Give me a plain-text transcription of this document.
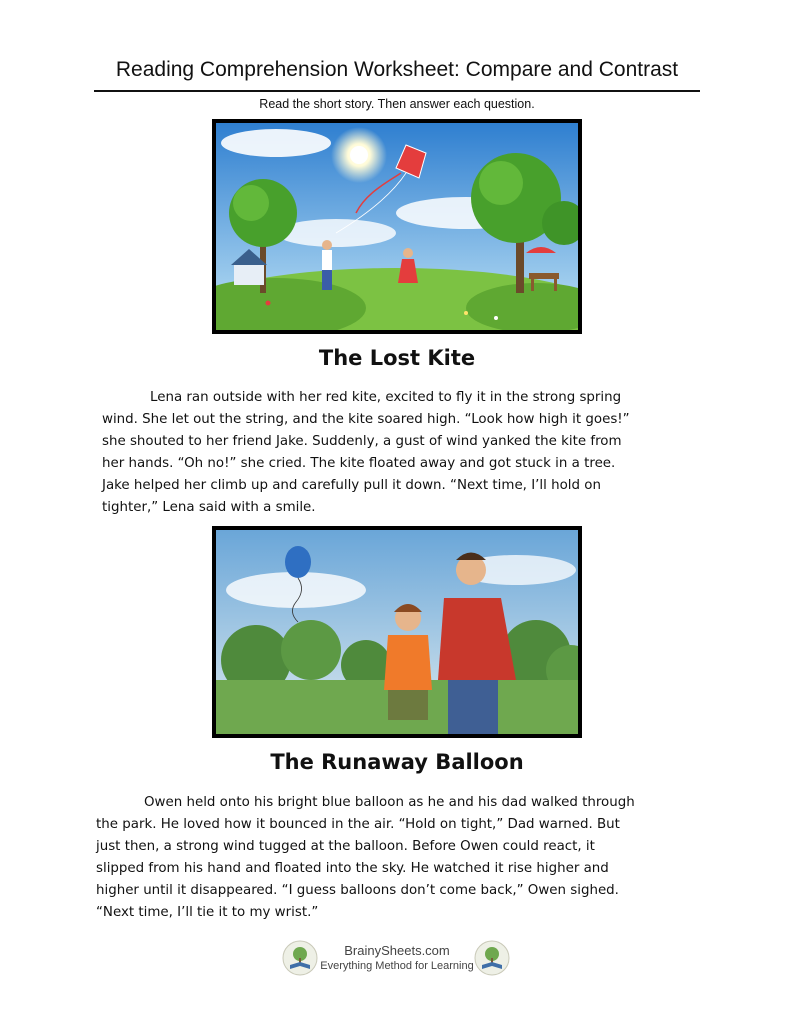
Reading Comprehension Worksheet: Compare and Contrast
Read the short story. Then answer each question.
The Lost Kite
Lena ran outside with her red kite, excited to fly it in the strong spring
wind. She let out the string, and the kite soared high. “Look how high it goes!”
she shouted to her friend Jake. Suddenly, a gust of wind yanked the kite from
her hands. “Oh no!” she cried. The kite floated away and got stuck in a tree.
Jake helped her climb up and carefully pull it down. “Next time, I’ll hold on
tighter,” Lena said with a smile.
The Runaway Balloon
Owen held onto his bright blue balloon as he and his dad walked through
the park. He loved how it bounced in the air. “Hold on tight,” Dad warned. But
just then, a strong wind tugged at the balloon. Before Owen could react, it
slipped from his hand and floated into the sky. He watched it rise higher and
higher until it disappeared. “I guess balloons don’t come back,” Owen sighed.
“Next time, I’ll tie it to my wrist.”
BrainySheets.com
Everything Method for Learning
